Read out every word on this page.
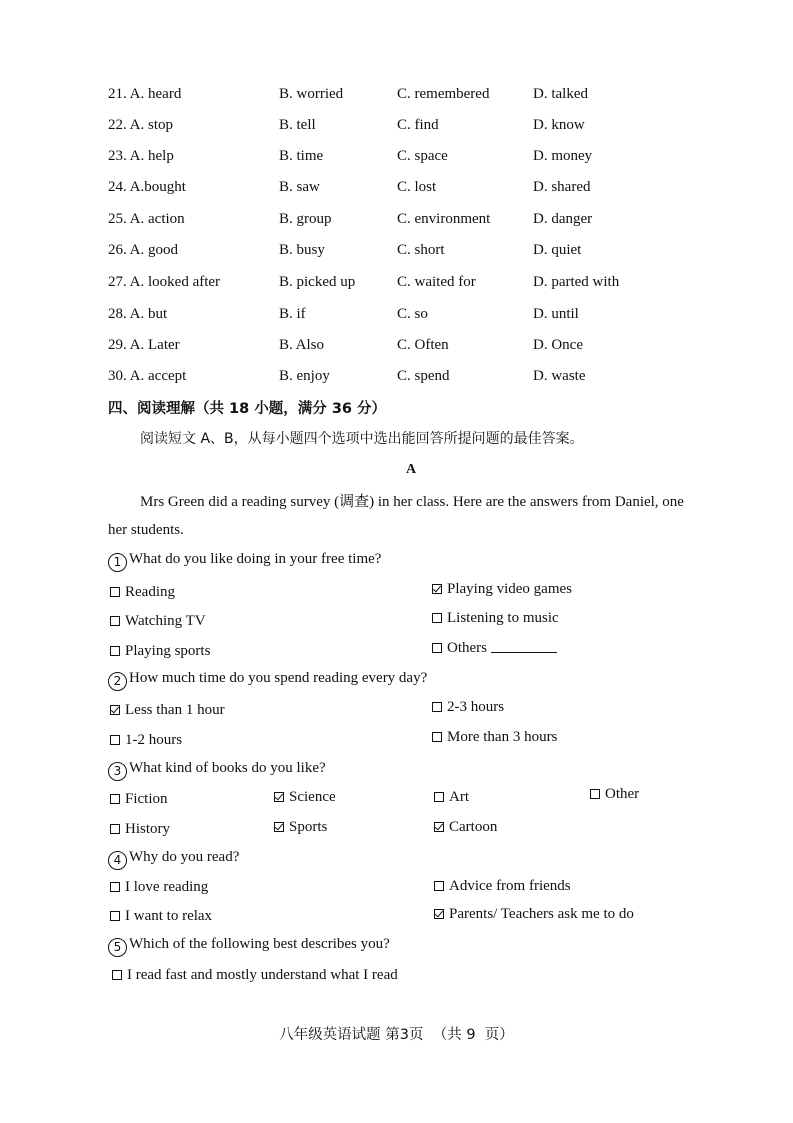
21. A. heard	B. worried	C. remembered	D. talked
22. A. stop	B. tell	C. find	D. know
23. A. help	B. time	C. space	D. money
24. A.bought	B. saw	C. lost	D. shared
25. A. action	B. group	C. environment	D. danger
26. A. good	B. busy	C. short	D. quiet
27. A. looked after	B. picked up	C. waited for	D. parted with
28. A. but	B. if	C. so	D. until
29. A. Later	B. Also	C. Often	D. Once
30. A. accept	B. enjoy	C. spend	D. waste
四、阅读理解（共 18 小题，满分 36 分）
阅读短文 A、B，从每小题四个选项中选出能回答所提问题的最佳答案。
A
Mrs Green did a reading survey (调查) in her class. Here are the answers from Daniel, one
her students.
1 What do you like doing in your free time?
Reading	Playing video games
Watching TV	Listening to music
Playing sports	Others
2 How much time do you spend reading every day?
Less than 1 hour	2-3 hours
1-2 hours	More than 3 hours
3 What kind of books do you like?
Fiction	Science	Art	Other
History	Sports	Cartoon
4 Why do you read?
I love reading	Advice from friends
I want to relax	Parents/ Teachers ask me to do
5 Which of the following best describes you?
I read fast and mostly understand what I read
八年级英语试题 第3页  （共 9  页）
